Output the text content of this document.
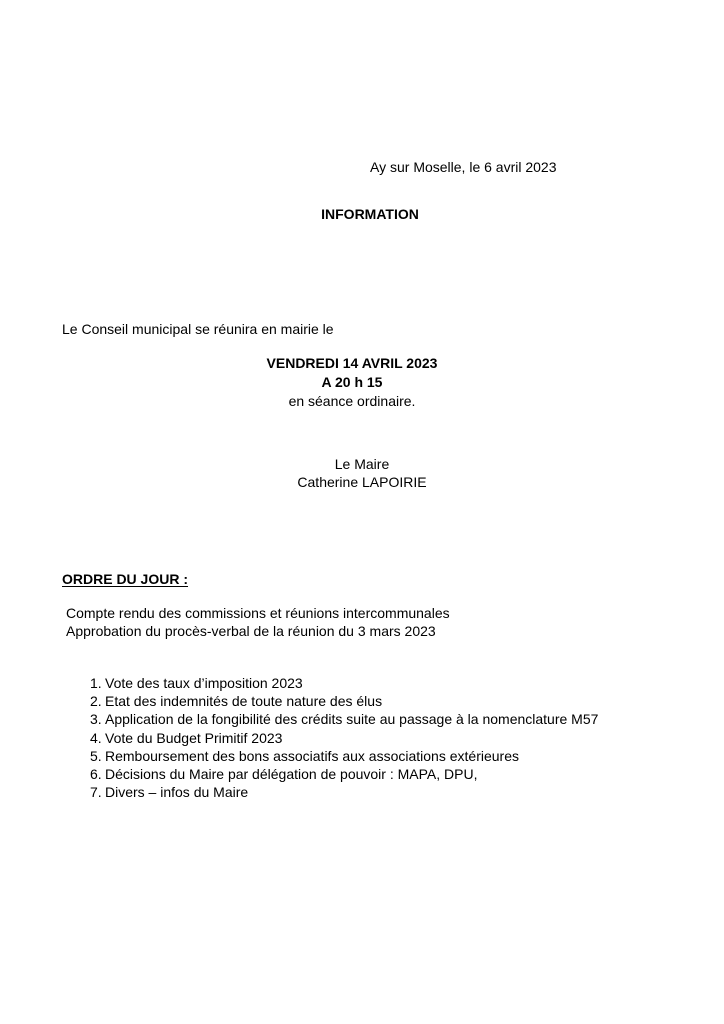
Ay sur Moselle, le 6 avril 2023
INFORMATION
Le Conseil municipal se réunira en mairie le
VENDREDI 14 AVRIL 2023
A 20 h 15
en séance ordinaire.
Le Maire
Catherine LAPOIRIE
ORDRE DU JOUR :
Compte rendu des commissions et réunions intercommunales
Approbation du procès-verbal de la réunion du 3 mars 2023
1. Vote des taux d’imposition 2023
2. Etat des indemnités de toute nature des élus
3. Application de la fongibilité des crédits suite au passage à la nomenclature M57
4. Vote du Budget Primitif 2023
5. Remboursement des bons associatifs aux associations extérieures
6. Décisions du Maire par délégation de pouvoir : MAPA, DPU,
7. Divers – infos du Maire
